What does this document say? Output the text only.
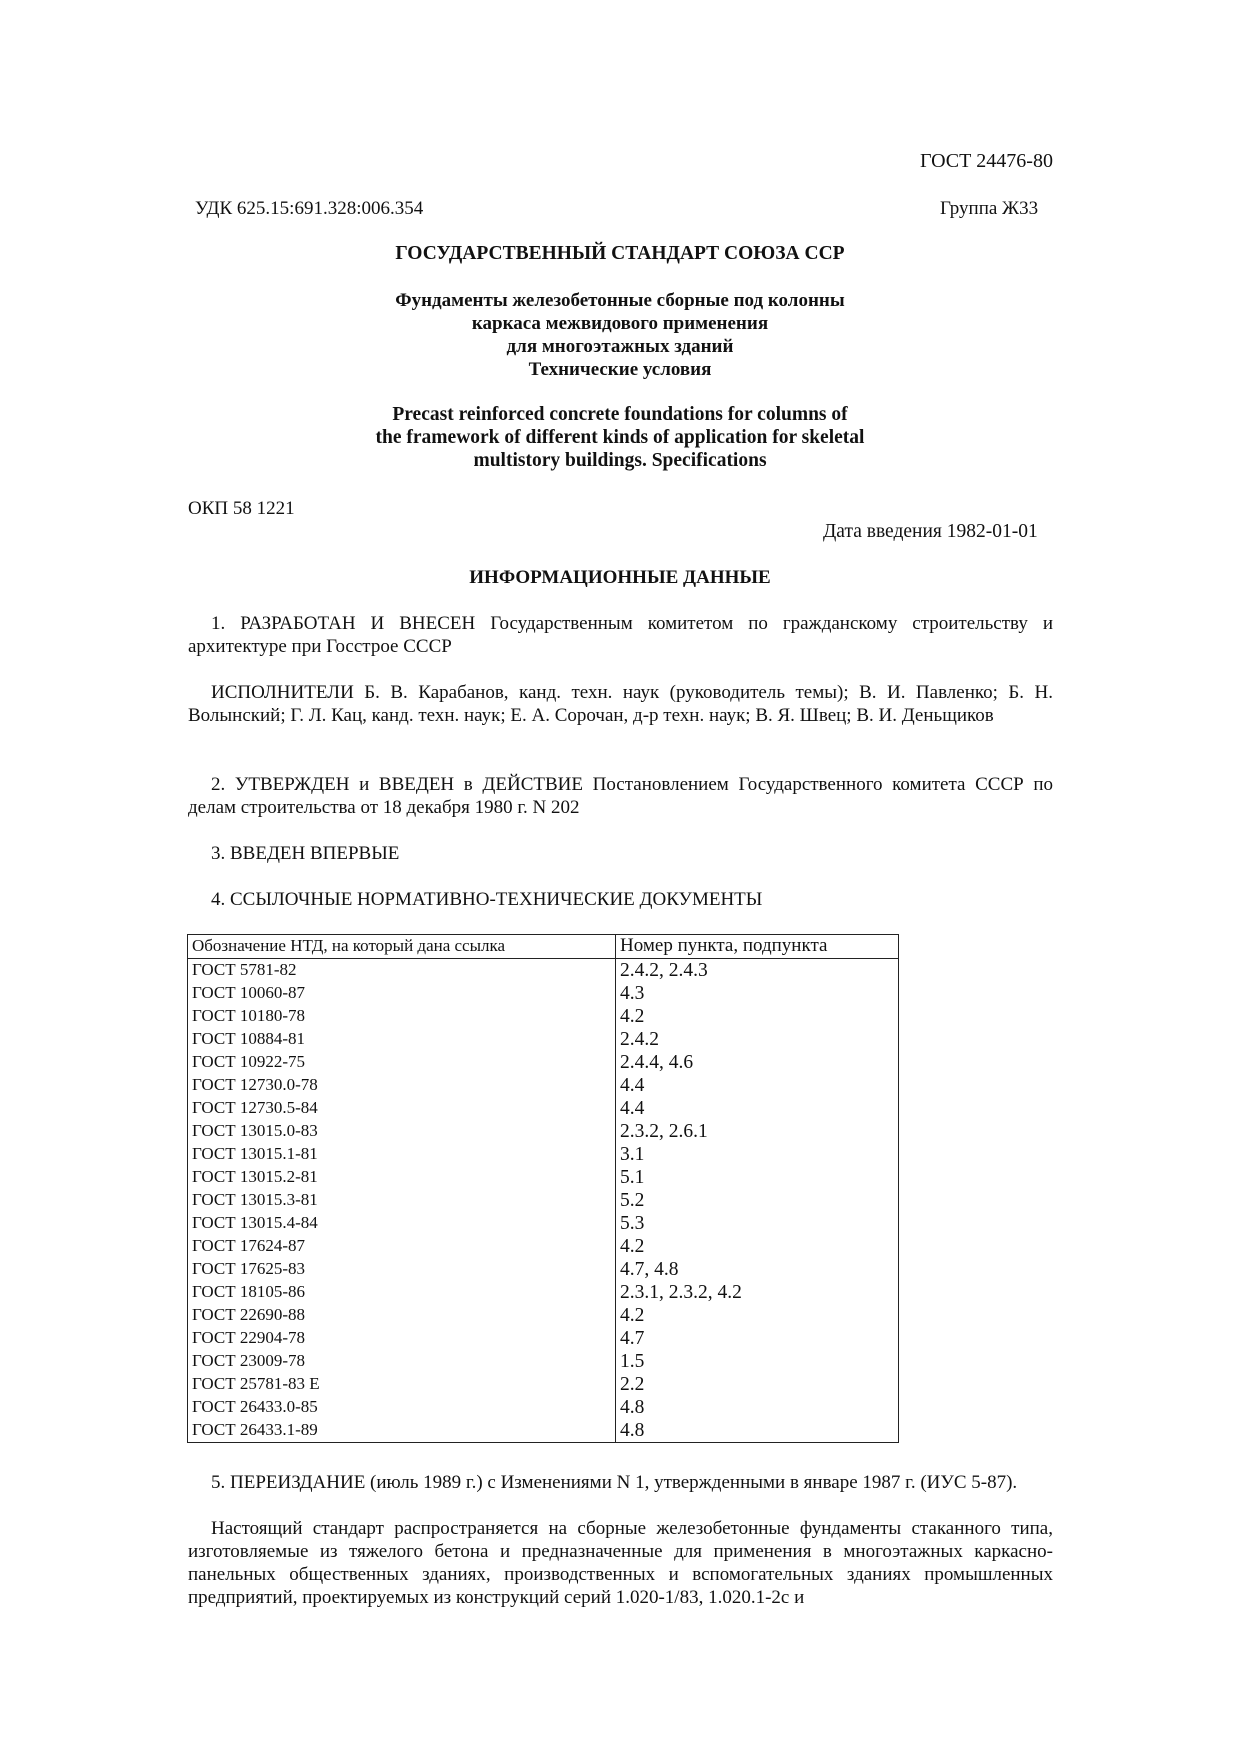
ГОСТ 24476-80
УДК 625.15:691.328:006.354	Группа Ж33
ГОСУДАРСТВЕННЫЙ СТАНДАРТ СОЮЗА ССР
Фундаменты железобетонные сборные под колонны
каркаса межвидового применения
для многоэтажных зданий
Технические условия
Precast reinforced concrete foundations for columns of
the framework of different kinds of application for skeletal
multistory buildings. Specifications
ОКП 58 1221
Дата введения 1982-01-01
ИНФОРМАЦИОННЫЕ ДАННЫЕ
1. РАЗРАБОТАН И ВНЕСЕН Государственным комитетом по гражданскому строительству и архитектуре при Госстрое СССР
ИСПОЛНИТЕЛИ Б. В. Карабанов, канд. техн. наук (руководитель темы); В. И. Павленко; Б. Н. Волынский; Г. Л. Кац, канд. техн. наук; Е. А. Сорочан, д-р техн. наук; В. Я. Швец; В. И. Деньщиков
2. УТВЕРЖДЕН и ВВЕДЕН в ДЕЙСТВИЕ Постановлением Государственного комитета СССР по делам строительства от 18 декабря 1980 г. N 202
3. ВВЕДЕН ВПЕРВЫЕ
4. ССЫЛОЧНЫЕ НОРМАТИВНО-ТЕХНИЧЕСКИЕ ДОКУМЕНТЫ
Обозначение НТД, на который дана ссылка	Номер пункта, подпункта
ГОСТ 5781-82	2.4.2, 2.4.3
ГОСТ 10060-87	4.3
ГОСТ 10180-78	4.2
ГОСТ 10884-81	2.4.2
ГОСТ 10922-75	2.4.4, 4.6
ГОСТ 12730.0-78	4.4
ГОСТ 12730.5-84	4.4
ГОСТ 13015.0-83	2.3.2, 2.6.1
ГОСТ 13015.1-81	3.1
ГОСТ 13015.2-81	5.1
ГОСТ 13015.3-81	5.2
ГОСТ 13015.4-84	5.3
ГОСТ 17624-87	4.2
ГОСТ 17625-83	4.7, 4.8
ГОСТ 18105-86	2.3.1, 2.3.2, 4.2
ГОСТ 22690-88	4.2
ГОСТ 22904-78	4.7
ГОСТ 23009-78	1.5
ГОСТ 25781-83 Е	2.2
ГОСТ 26433.0-85	4.8
ГОСТ 26433.1-89	4.8
5. ПЕРЕИЗДАНИЕ (июль 1989 г.) с Изменениями N 1, утвержденными в январе 1987 г. (ИУС 5-87).
Настоящий стандарт распространяется на сборные железобетонные фундаменты стаканного типа, изготовляемые из тяжелого бетона и предназначенные для применения в многоэтажных каркасно-панельных общественных зданиях, производственных и вспомогательных зданиях промышленных предприятий, проектируемых из конструкций серий 1.020-1/83, 1.020.1-2с и
